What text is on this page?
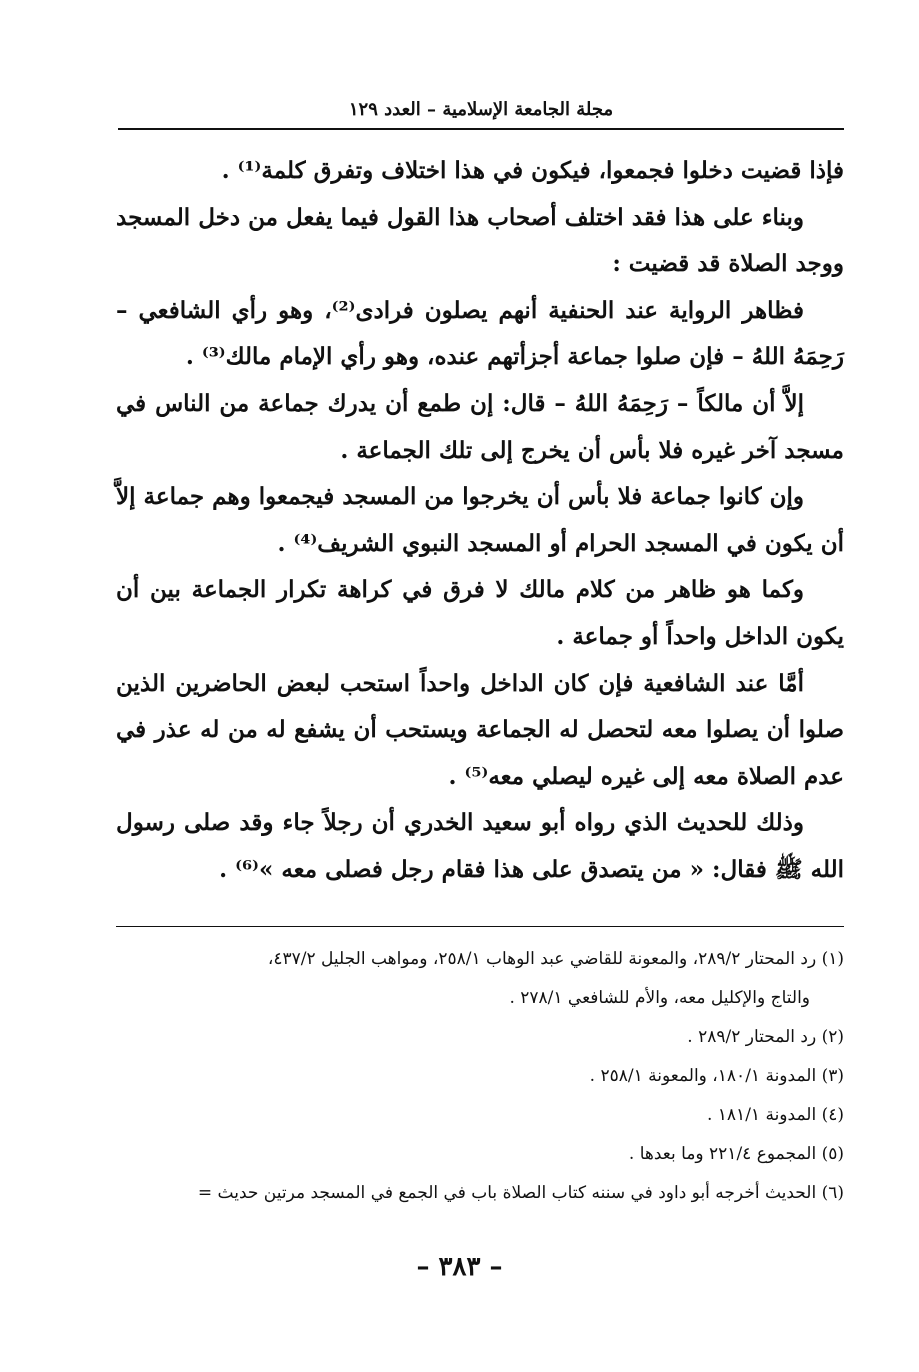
مجلة الجامعة الإسلامية – العدد ١٢٩

فإذا قضيت دخلوا فجمعوا، فيكون في هذا اختلاف وتفرق كلمة⁽¹⁾ .

وبناء على هذا فقد اختلف أصحاب هذا القول فيما يفعل من دخل المسجد ووجد الصلاة قد قضيت :

فظاهر الرواية عند الحنفية أنهم يصلون فرادى⁽²⁾، وهو رأي الشافعي – رَحِمَهُ اللهُ – فإن صلوا جماعة أجزأتهم عنده، وهو رأي الإمام مالك⁽³⁾ .

إلاَّ أن مالكاً – رَحِمَهُ اللهُ – قال: إن طمع أن يدرك جماعة من الناس في مسجد آخر غيره فلا بأس أن يخرج إلى تلك الجماعة .

وإن كانوا جماعة فلا بأس أن يخرجوا من المسجد فيجمعوا وهم جماعة إلاَّ أن يكون في المسجد الحرام أو المسجد النبوي الشريف⁽⁴⁾ .

وكما هو ظاهر من كلام مالك لا فرق في كراهة تكرار الجماعة بين أن يكون الداخل واحداً أو جماعة .

أمَّا عند الشافعية فإن كان الداخل واحداً استحب لبعض الحاضرين الذين صلوا أن يصلوا معه لتحصل له الجماعة ويستحب أن يشفع له من له عذر في عدم الصلاة معه إلى غيره ليصلي معه⁽⁵⁾ .

وذلك للحديث الذي رواه أبو سعيد الخدري أن رجلاً جاء وقد صلى رسول الله ﷺ فقال: « من يتصدق على هذا فقام رجل فصلى معه »⁽⁶⁾ .

(١) رد المحتار ٢٨٩/٢، والمعونة للقاضي عبد الوهاب ٢٥٨/١، ومواهب الجليل ٤٣٧/٢،

والتاج والإكليل معه، والأم للشافعي ٢٧٨/١ .

(٢) رد المحتار ٢٨٩/٢ .

(٣) المدونة ١٨٠/١، والمعونة ٢٥٨/١ .

(٤) المدونة ١٨١/١ .

(٥) المجموع ٢٢١/٤ وما بعدها .

(٦) الحديث أخرجه أبو داود في سننه كتاب الصلاة باب في الجمع في المسجد مرتين حديث =

– ٣٨٣ –
